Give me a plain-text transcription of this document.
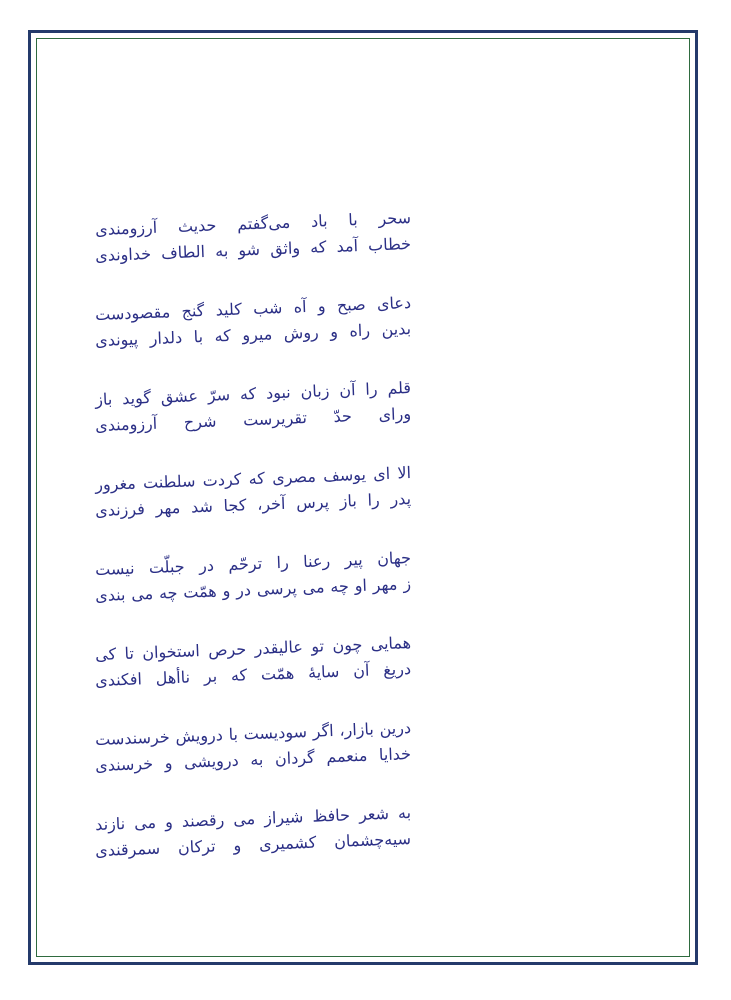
سحر با باد می‌گفتم حدیث آرزومندی
خطاب آمد که واثق شو به الطاف خداوندی
دعای صبح و آه شب کلید گنج مقصودست
بدین راه و روش میرو که با دلدار پیوندی
قلم را آن زبان نبود که سرّ عشق گوید باز
ورای حدّ تقریرست شرح آرزومندی
الا ای یوسف مصری که کردت سلطنت مغرور
پدر را باز پرس آخر، کجا شد مهر فرزندی
جهان پیر رعنا را ترحّم در جبلّت نیست
ز مهر او چه می پرسی در و همّت چه می بندی
همایی چون تو عالیقدر حرص استخوان تا کی
دریغ آن سایهٔ همّت که بر ناأهل افکندی
درین بازار، اگر سودیست با درویش خرسندست
خدایا منعمم گردان به درویشی و خرسندی
به شعر حافظ شیراز می رقصند و می نازند
سیه‌چشمان کشمیری و ترکان سمرقندی
